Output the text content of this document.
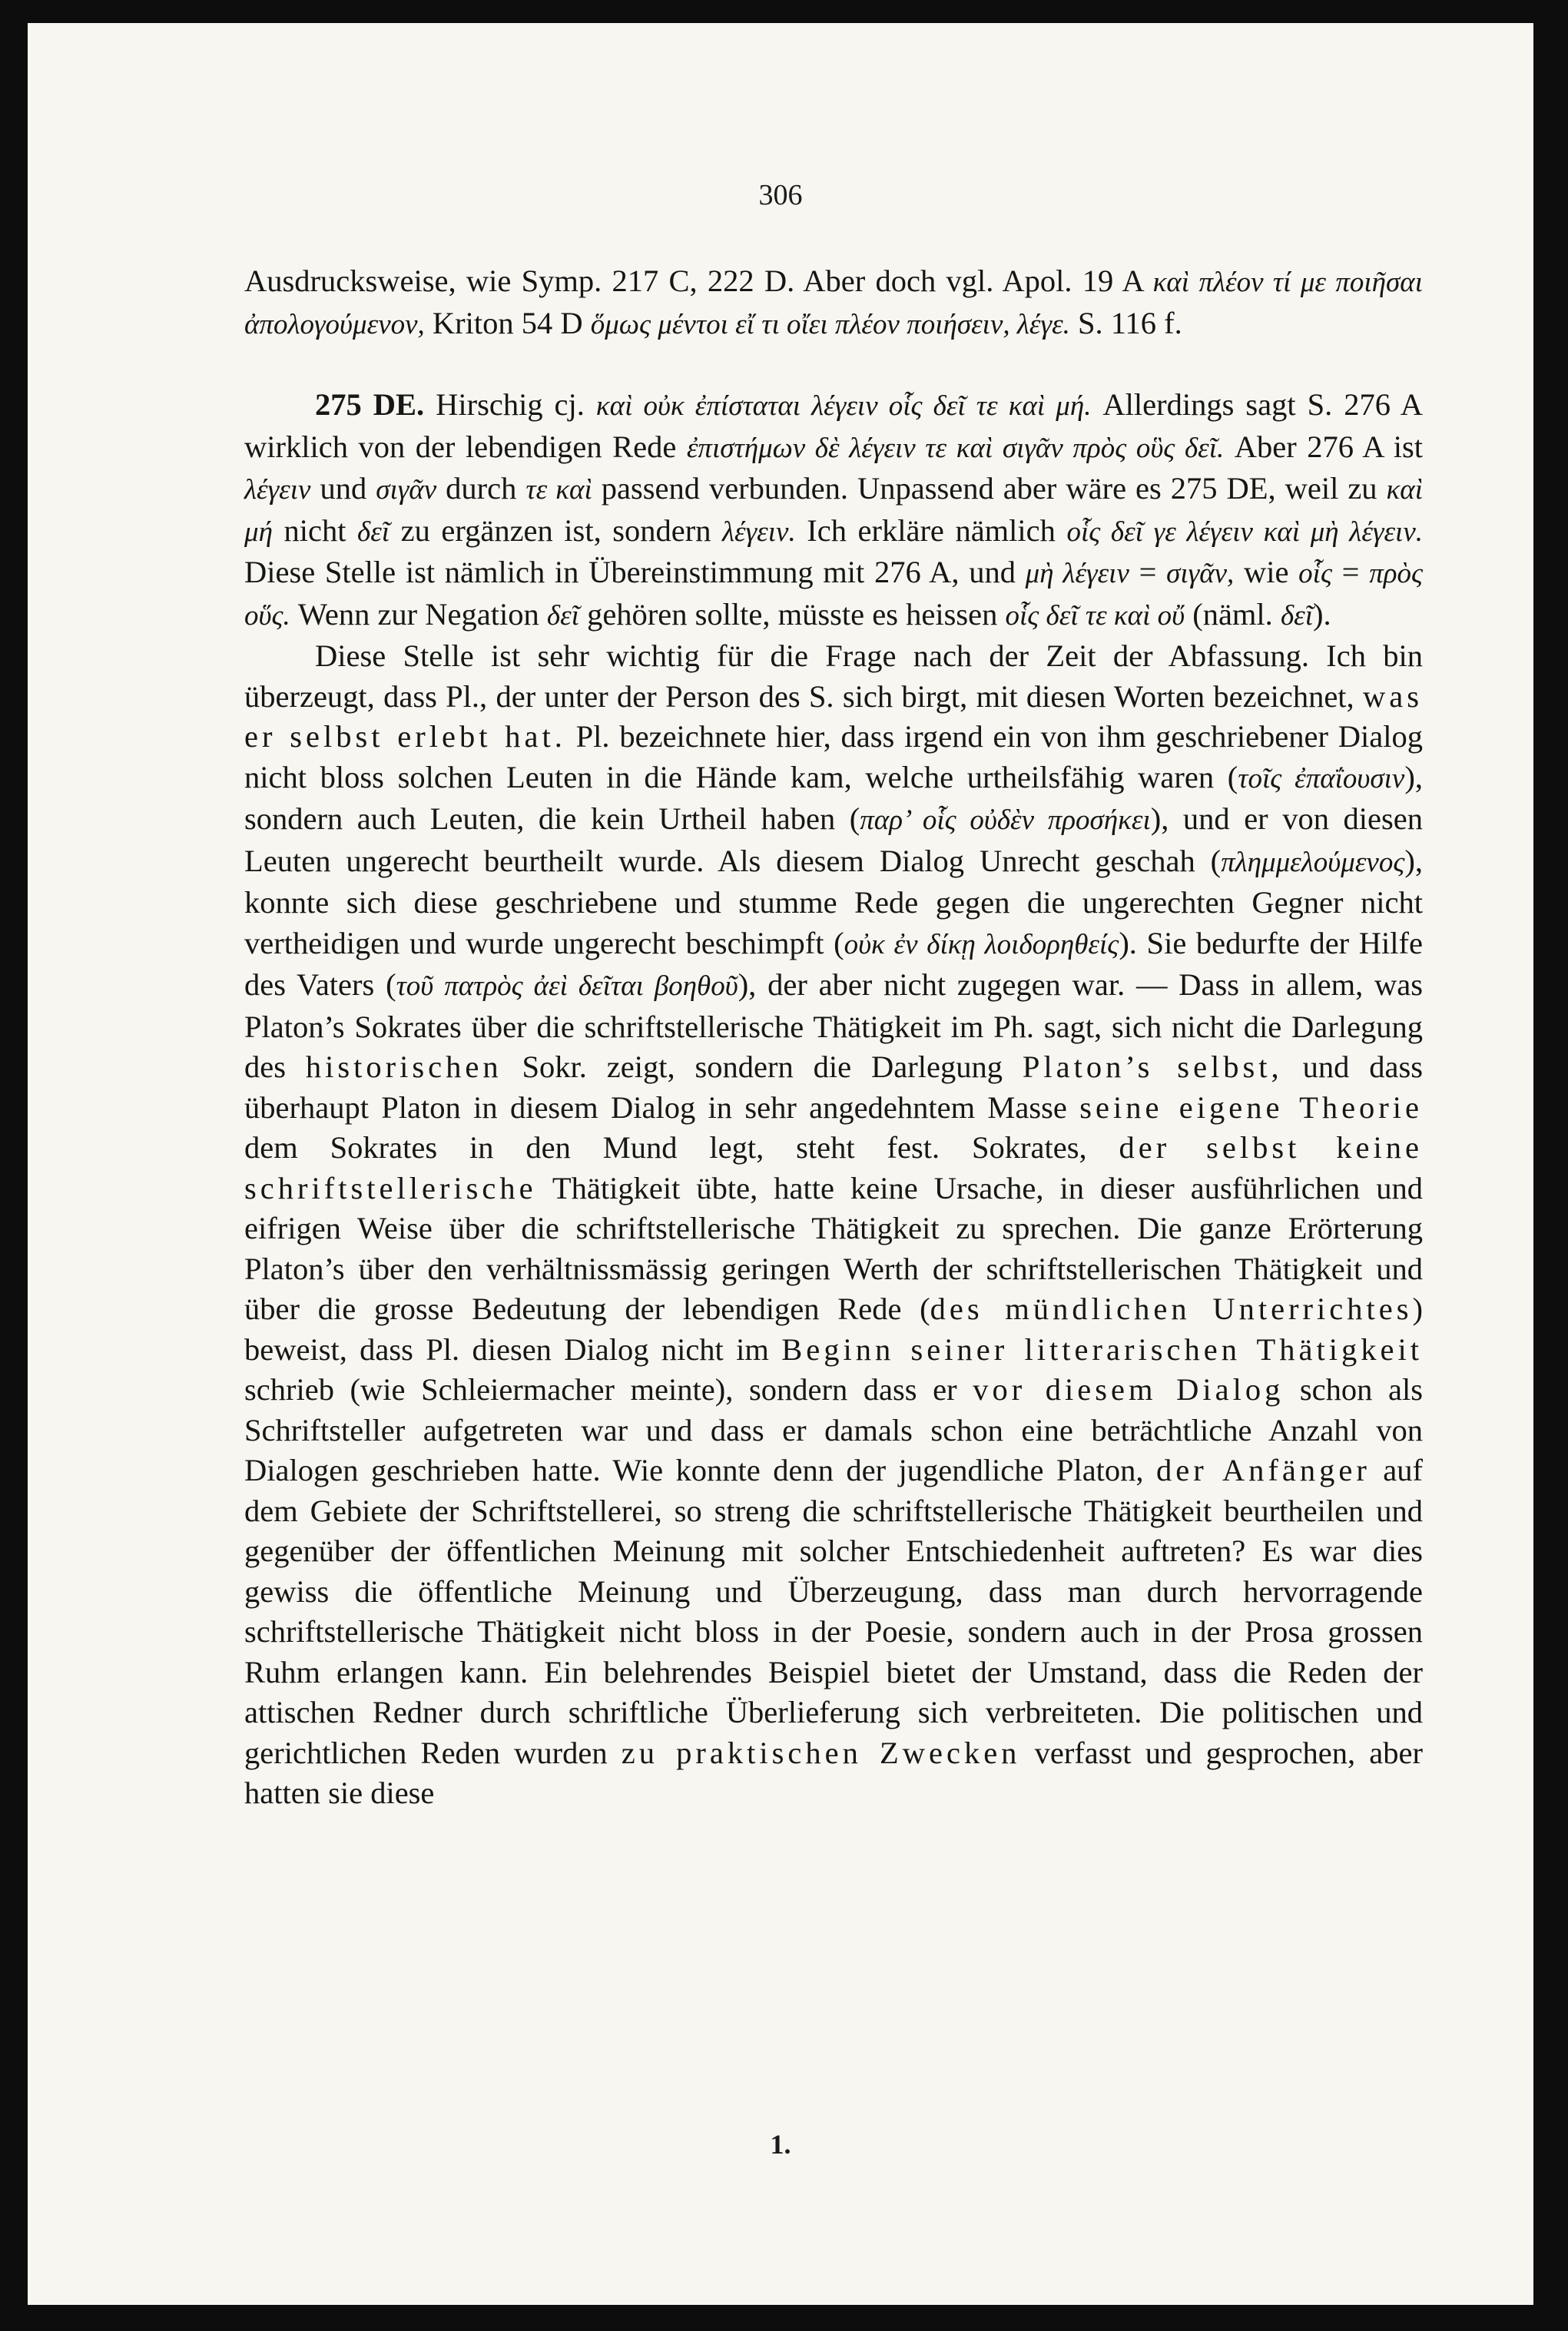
306

Ausdrucksweise, wie Symp. 217 C, 222 D. Aber doch vgl. Apol. 19 A καὶ πλέον τί με ποιῆσαι ἀπολογούμενον, Kriton 54 D ὅμως μέντοι εἴ τι οἴει πλέον ποιήσειν, λέγε. S. 116 f.

275 DE. Hirschig cj. καὶ οὐκ ἐπίσταται λέγειν οἷς δεῖ τε καὶ μή. Allerdings sagt S. 276 A wirklich von der lebendigen Rede ἐπιστήμων δὲ λέγειν τε καὶ σιγᾶν πρὸς οὓς δεῖ. Aber 276 A ist λέγειν und σιγᾶν durch τε καὶ passend verbunden. Unpassend aber wäre es 275 DE, weil zu καὶ μή nicht δεῖ zu ergänzen ist, sondern λέγειν. Ich erkläre nämlich οἷς δεῖ γε λέγειν καὶ μὴ λέγειν. Diese Stelle ist nämlich in Übereinstimmung mit 276 A, und μὴ λέγειν = σιγᾶν, wie οἷς = πρὸς οὕς. Wenn zur Negation δεῖ gehören sollte, müsste es heissen οἷς δεῖ τε καὶ οὔ (näml. δεῖ).

Diese Stelle ist sehr wichtig für die Frage nach der Zeit der Abfassung. Ich bin überzeugt, dass Pl., der unter der Person des S. sich birgt, mit diesen Worten bezeichnet, was er selbst erlebt hat. Pl. bezeichnete hier, dass irgend ein von ihm geschriebener Dialog nicht bloss solchen Leuten in die Hände kam, welche urtheilsfähig waren (τοῖς ἐπαΐουσιν), sondern auch Leuten, die kein Urtheil haben (παρ’ οἷς οὐδὲν προσήκει), und er von diesen Leuten ungerecht beurtheilt wurde. Als diesem Dialog Unrecht geschah (πλημμελούμενος), konnte sich diese geschriebene und stumme Rede gegen die ungerechten Gegner nicht vertheidigen und wurde ungerecht beschimpft (οὐκ ἐν δίκῃ λοιδορηθείς). Sie bedurfte der Hilfe des Vaters (τοῦ πατρὸς ἀεὶ δεῖται βοηθοῦ), der aber nicht zugegen war. — Dass in allem, was Platon’s Sokrates über die schriftstellerische Thätigkeit im Ph. sagt, sich nicht die Darlegung des historischen Sokr. zeigt, sondern die Darlegung Platon’s selbst, und dass überhaupt Platon in diesem Dialog in sehr angedehntem Masse seine eigene Theorie dem Sokrates in den Mund legt, steht fest. Sokrates, der selbst keine schriftstellerische Thätigkeit übte, hatte keine Ursache, in dieser ausführlichen und eifrigen Weise über die schriftstellerische Thätigkeit zu sprechen. Die ganze Erörterung Platon’s über den verhältnissmässig geringen Werth der schriftstellerischen Thätigkeit und über die grosse Bedeutung der lebendigen Rede (des mündlichen Unterrichtes) beweist, dass Pl. diesen Dialog nicht im Beginn seiner litterarischen Thätigkeit schrieb (wie Schleiermacher meinte), sondern dass er vor diesem Dialog schon als Schriftsteller aufgetreten war und dass er damals schon eine beträchtliche Anzahl von Dialogen geschrieben hatte. Wie konnte denn der jugendliche Platon, der Anfänger auf dem Gebiete der Schriftstellerei, so streng die schriftstellerische Thätigkeit beurtheilen und gegenüber der öffentlichen Meinung mit solcher Entschiedenheit auftreten? Es war dies gewiss die öffentliche Meinung und Überzeugung, dass man durch hervorragende schriftstellerische Thätigkeit nicht bloss in der Poesie, sondern auch in der Prosa grossen Ruhm erlangen kann. Ein belehrendes Beispiel bietet der Umstand, dass die Reden der attischen Redner durch schriftliche Überlieferung sich verbreiteten. Die politischen und gerichtlichen Reden wurden zu praktischen Zwecken verfasst und gesprochen, aber hatten sie diese

1.
